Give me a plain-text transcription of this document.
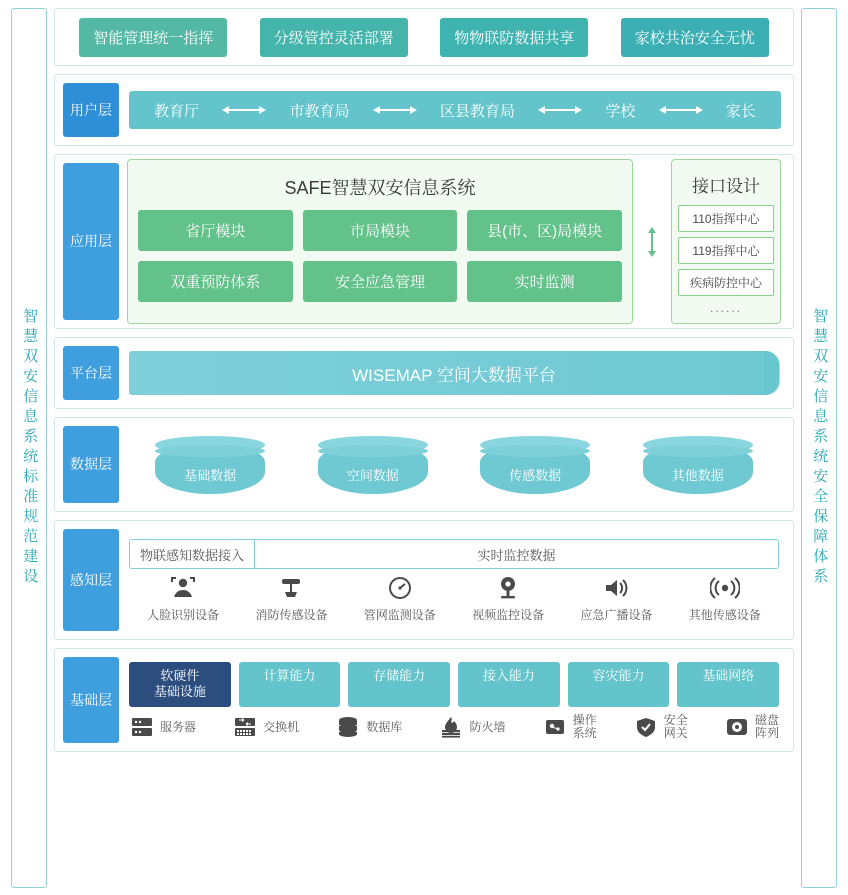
智慧双安信息系统标准规范建设
智能管理统一指挥	分级管控灵活部署	物物联防数据共享	家校共治安全无忧
用户层	教育厅	市教育局	区县教育局	学校	家长
应用层
SAFE智慧双安信息系统
省厅模块	市局模块	县(市、区)局模块
双重预防体系	安全应急管理	实时监测
接口设计
110指挥中心
119指挥中心
疾病防控中心
......
平台层	WISEMAP 空间大数据平台
数据层
基础数据	空间数据	传感数据	其他数据
感知层
物联感知数据接入	实时监控数据
人脸识别设备	消防传感设备	管网监测设备	视频监控设备	应急广播设备	其他传感设备
基础层
软硬件
基础设施
计算能力	存储能力	接入能力	容灾能力	基础网络
服务器	交换机	数据库	防火墙
操作
系统
安全
网关
磁盘
阵列
智慧双安信息系统安全保障体系
